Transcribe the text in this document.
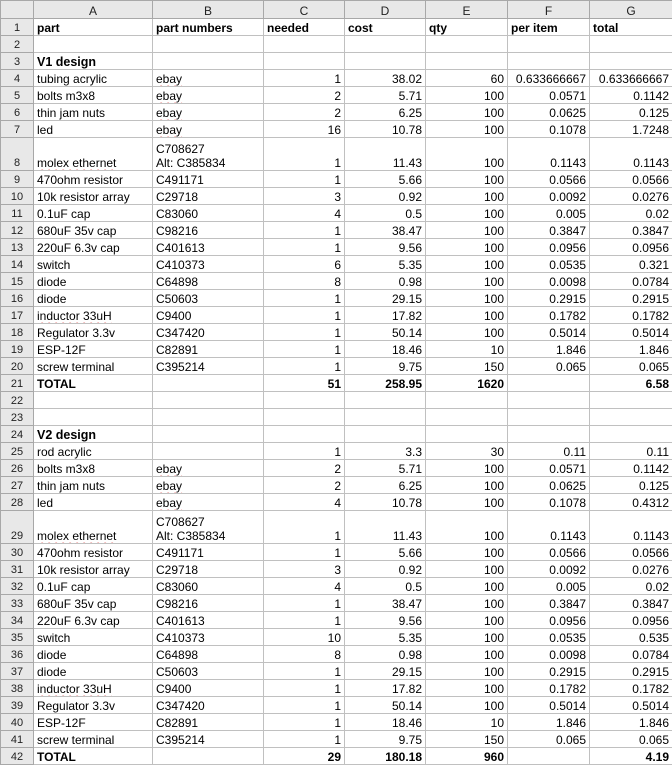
	A	B	C	D	E	F	G
1	part	part numbers	needed	cost	qty	per item	total
2							
3	V1 design						
4	tubing acrylic	ebay	1	38.02	60	0.633666667	0.633666667
5	bolts m3x8	ebay	2	5.71	100	0.0571	0.1142
6	thin jam nuts	ebay	2	6.25	100	0.0625	0.125
7	led	ebay	16	10.78	100	0.1078	1.7248
8	molex ethernet	C708627
Alt: C385834	1	11.43	100	0.1143	0.1143
9	470ohm resistor	C491171	1	5.66	100	0.0566	0.0566
10	10k resistor array	C29718	3	0.92	100	0.0092	0.0276
11	0.1uF cap	C83060	4	0.5	100	0.005	0.02
12	680uF 35v cap	C98216	1	38.47	100	0.3847	0.3847
13	220uF 6.3v cap	C401613	1	9.56	100	0.0956	0.0956
14	switch	C410373	6	5.35	100	0.0535	0.321
15	diode	C64898	8	0.98	100	0.0098	0.0784
16	diode	C50603	1	29.15	100	0.2915	0.2915
17	inductor 33uH	C9400	1	17.82	100	0.1782	0.1782
18	Regulator 3.3v	C347420	1	50.14	100	0.5014	0.5014
19	ESP-12F	C82891	1	18.46	10	1.846	1.846
20	screw terminal	C395214	1	9.75	150	0.065	0.065
21	TOTAL		51	258.95	1620		6.58
22							
23							
24	V2 design						
25	rod acrylic		1	3.3	30	0.11	0.11
26	bolts m3x8	ebay	2	5.71	100	0.0571	0.1142
27	thin jam nuts	ebay	2	6.25	100	0.0625	0.125
28	led	ebay	4	10.78	100	0.1078	0.4312
29	molex ethernet	C708627
Alt: C385834	1	11.43	100	0.1143	0.1143
30	470ohm resistor	C491171	1	5.66	100	0.0566	0.0566
31	10k resistor array	C29718	3	0.92	100	0.0092	0.0276
32	0.1uF cap	C83060	4	0.5	100	0.005	0.02
33	680uF 35v cap	C98216	1	38.47	100	0.3847	0.3847
34	220uF 6.3v cap	C401613	1	9.56	100	0.0956	0.0956
35	switch	C410373	10	5.35	100	0.0535	0.535
36	diode	C64898	8	0.98	100	0.0098	0.0784
37	diode	C50603	1	29.15	100	0.2915	0.2915
38	inductor 33uH	C9400	1	17.82	100	0.1782	0.1782
39	Regulator 3.3v	C347420	1	50.14	100	0.5014	0.5014
40	ESP-12F	C82891	1	18.46	10	1.846	1.846
41	screw terminal	C395214	1	9.75	150	0.065	0.065
42	TOTAL		29	180.18	960		4.19
